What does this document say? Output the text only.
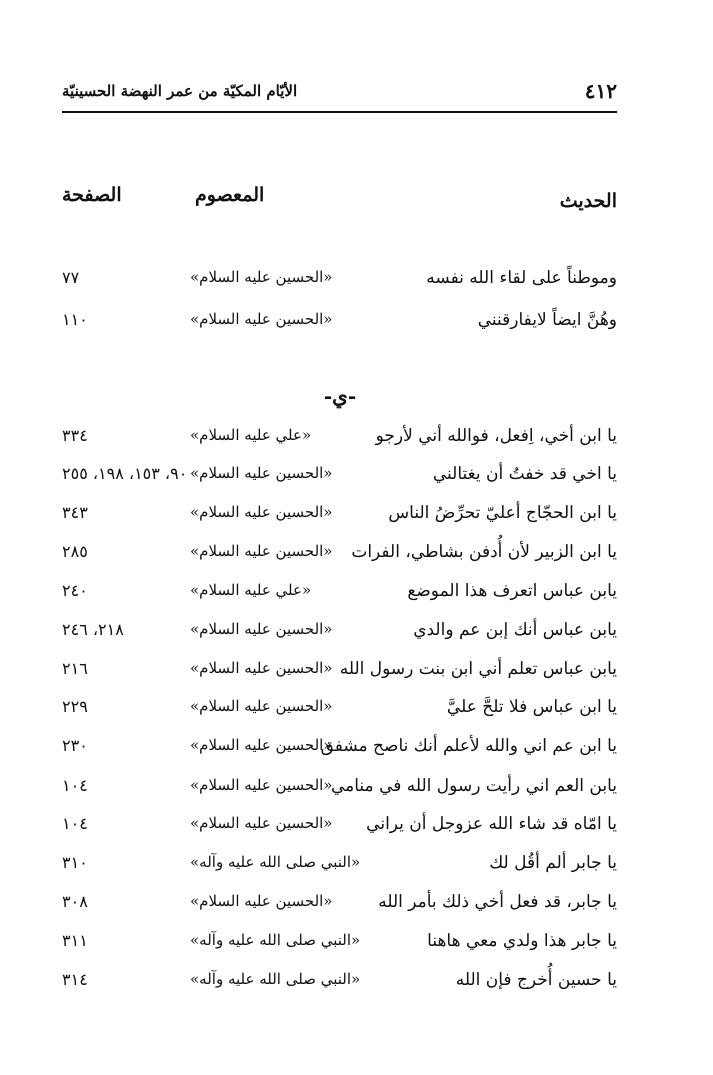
٤١٢
الأيّام المكيّة من عمر النهضة الحسينيّة
الحديث
المعصوم
الصفحة
وموطناً على لقاء الله نفسه
«الحسين عليه السلام»
٧٧
وهُنَّ ايضاً لايفارقنني
«الحسين عليه السلام»
١١٠
-ي-
يا ابن أخي، اِفعل، فوالله أني لأرجو
«علي عليه السلام»
٣٣٤
يا اخي قد خفتُ أن يغتالني
«الحسين عليه السلام»
٩٠، ١٥٣، ١٩٨، ٢٥٥
يا ابن الحجّاج أعليّ تحرِّضُ الناس
«الحسين عليه السلام»
٣٤٣
يا ابن الزبير لأن أُدفن بشاطي، الفرات
«الحسين عليه السلام»
٢٨٥
يابن عباس اتعرف هذا الموضع
«علي عليه السلام»
٢٤٠
يابن عباس أنك إبن عم والدي
«الحسين عليه السلام»
٢١٨، ٢٤٦
يابن عباس تعلم أني ابن بنت رسول الله
«الحسين عليه السلام»
٢١٦
يا ابن عباس فلا تلحَّ عليَّ
«الحسين عليه السلام»
٢٢٩
يا ابن عم اني والله لأعلم أنك ناصح مشفق
«الحسين عليه السلام»
٢٣٠
يابن العم اني رأيت رسول الله في منامي
«الحسين عليه السلام»
١٠٤
يا امّاه قد شاء الله عزوجل أن يراني
«الحسين عليه السلام»
١٠٤
يا جابر ألم أقُل لك
«النبي صلى الله عليه وآله»
٣١٠
يا جابر، قد فعل أخي ذلك بأمر الله
«الحسين عليه السلام»
٣٠٨
يا جابر هذا ولدي معي هاهنا
«النبي صلى الله عليه وآله»
٣١١
يا حسين أُخرج فإن الله
«النبي صلى الله عليه وآله»
٣١٤
